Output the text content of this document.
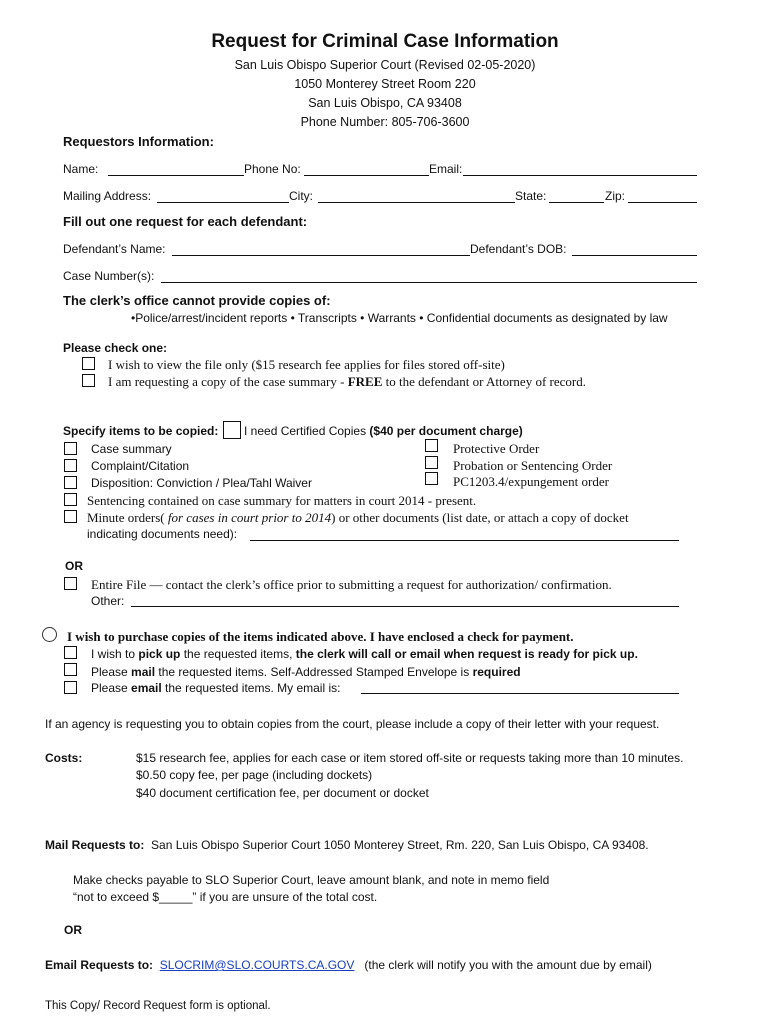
Request for Criminal Case Information
San Luis Obispo Superior Court (Revised 02-05-2020)
1050 Monterey Street Room 220
San Luis Obispo, CA 93408
Phone Number: 805-706-3600
Requestors Information:
Name:	Phone No:	Email:
Mailing Address:	City:	State:	Zip:
Fill out one request for each defendant:
Defendant’s Name:	Defendant’s DOB:
Case Number(s):
The clerk’s office cannot provide copies of:
•Police/arrest/incident reports • Transcripts • Warrants • Confidential documents as designated by law
Please check one:
I wish to view the file only ($15 research fee applies for files stored off-site)
I am requesting a copy of the case summary - FREE to the defendant or Attorney of record.
Specify items to be copied: I need Certified Copies ($40 per document charge)
Case summary
Complaint/Citation
Disposition: Conviction / Plea/Tahl Waiver
Protective Order
Probation or Sentencing Order
PC1203.4/expungement order
Sentencing contained on case summary for matters in court 2014 - present.
Minute orders( for cases in court prior to 2014) or other documents (list date, or attach a copy of docket
indicating documents need):
OR
Entire File — contact the clerk’s office prior to submitting a request for authorization/ confirmation.
Other:
I wish to purchase copies of the items indicated above. I have enclosed a check for payment.
I wish to pick up the requested items, the clerk will call or email when request is ready for pick up.
Please mail the requested items. Self-Addressed Stamped Envelope is required
Please email the requested items. My email is:
If an agency is requesting you to obtain copies from the court, please include a copy of their letter with your request.
Costs:	$15 research fee, applies for each case or item stored off-site or requests taking more than 10 minutes.
$0.50 copy fee, per page (including dockets)
$40 document certification fee, per document or docket
Mail Requests to: San Luis Obispo Superior Court 1050 Monterey Street, Rm. 220, San Luis Obispo, CA 93408.
Make checks payable to SLO Superior Court, leave amount blank, and note in memo field
“not to exceed $_____” if you are unsure of the total cost.
OR
Email Requests to: SLOCRIM@SLO.COURTS.CA.GOV (the clerk will notify you with the amount due by email)
This Copy/ Record Request form is optional.
